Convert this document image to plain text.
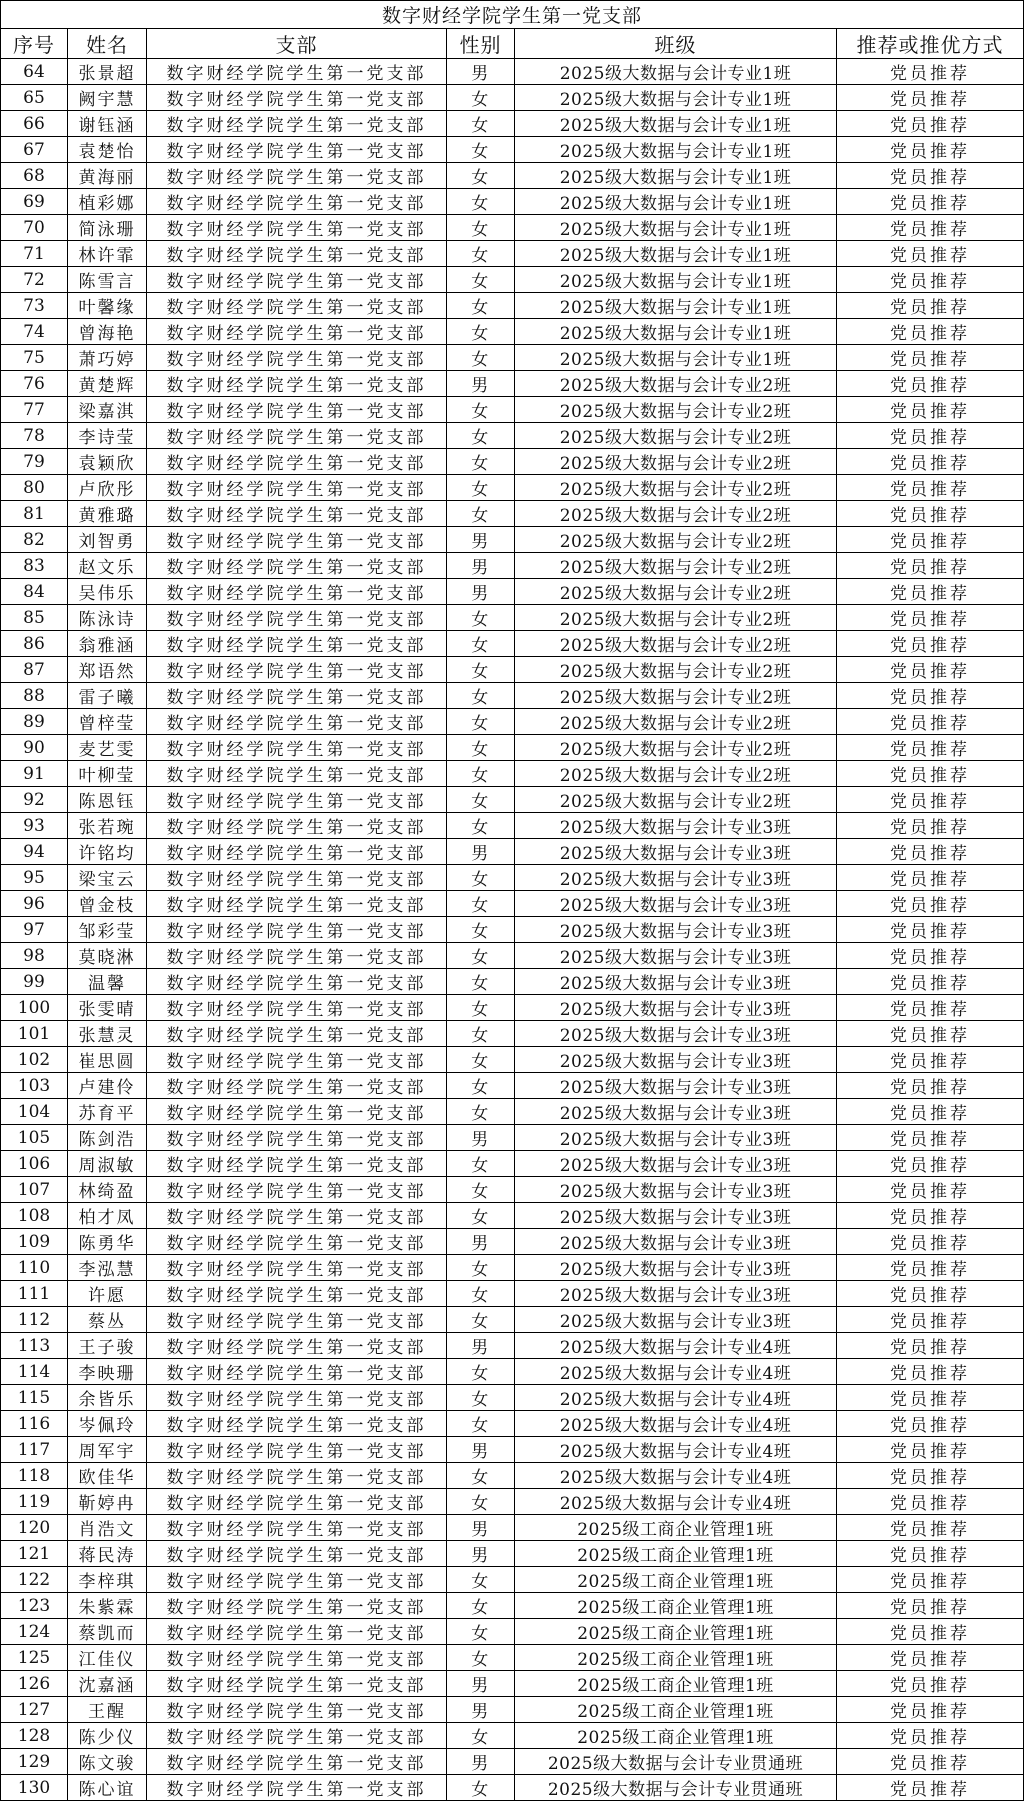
数字财经学院学生第一党支部					
序号	姓名	支部	性别	班级	推荐或推优方式
64	张景超	数字财经学院学生第一党支部	男	2025级大数据与会计专业1班	党员推荐
65	阙宇慧	数字财经学院学生第一党支部	女	2025级大数据与会计专业1班	党员推荐
66	谢钰涵	数字财经学院学生第一党支部	女	2025级大数据与会计专业1班	党员推荐
67	袁楚怡	数字财经学院学生第一党支部	女	2025级大数据与会计专业1班	党员推荐
68	黄海丽	数字财经学院学生第一党支部	女	2025级大数据与会计专业1班	党员推荐
69	植彩娜	数字财经学院学生第一党支部	女	2025级大数据与会计专业1班	党员推荐
70	简泳珊	数字财经学院学生第一党支部	女	2025级大数据与会计专业1班	党员推荐
71	林许霏	数字财经学院学生第一党支部	女	2025级大数据与会计专业1班	党员推荐
72	陈雪言	数字财经学院学生第一党支部	女	2025级大数据与会计专业1班	党员推荐
73	叶馨缘	数字财经学院学生第一党支部	女	2025级大数据与会计专业1班	党员推荐
74	曾海艳	数字财经学院学生第一党支部	女	2025级大数据与会计专业1班	党员推荐
75	萧巧婷	数字财经学院学生第一党支部	女	2025级大数据与会计专业1班	党员推荐
76	黄楚辉	数字财经学院学生第一党支部	男	2025级大数据与会计专业2班	党员推荐
77	梁嘉淇	数字财经学院学生第一党支部	女	2025级大数据与会计专业2班	党员推荐
78	李诗莹	数字财经学院学生第一党支部	女	2025级大数据与会计专业2班	党员推荐
79	袁颖欣	数字财经学院学生第一党支部	女	2025级大数据与会计专业2班	党员推荐
80	卢欣彤	数字财经学院学生第一党支部	女	2025级大数据与会计专业2班	党员推荐
81	黄雅璐	数字财经学院学生第一党支部	女	2025级大数据与会计专业2班	党员推荐
82	刘智勇	数字财经学院学生第一党支部	男	2025级大数据与会计专业2班	党员推荐
83	赵文乐	数字财经学院学生第一党支部	男	2025级大数据与会计专业2班	党员推荐
84	吴伟乐	数字财经学院学生第一党支部	男	2025级大数据与会计专业2班	党员推荐
85	陈泳诗	数字财经学院学生第一党支部	女	2025级大数据与会计专业2班	党员推荐
86	翁雅涵	数字财经学院学生第一党支部	女	2025级大数据与会计专业2班	党员推荐
87	郑语然	数字财经学院学生第一党支部	女	2025级大数据与会计专业2班	党员推荐
88	雷子曦	数字财经学院学生第一党支部	女	2025级大数据与会计专业2班	党员推荐
89	曾梓莹	数字财经学院学生第一党支部	女	2025级大数据与会计专业2班	党员推荐
90	麦艺雯	数字财经学院学生第一党支部	女	2025级大数据与会计专业2班	党员推荐
91	叶柳莹	数字财经学院学生第一党支部	女	2025级大数据与会计专业2班	党员推荐
92	陈恩钰	数字财经学院学生第一党支部	女	2025级大数据与会计专业2班	党员推荐
93	张若琬	数字财经学院学生第一党支部	女	2025级大数据与会计专业3班	党员推荐
94	许铭均	数字财经学院学生第一党支部	男	2025级大数据与会计专业3班	党员推荐
95	梁宝云	数字财经学院学生第一党支部	女	2025级大数据与会计专业3班	党员推荐
96	曾金枝	数字财经学院学生第一党支部	女	2025级大数据与会计专业3班	党员推荐
97	邹彩莹	数字财经学院学生第一党支部	女	2025级大数据与会计专业3班	党员推荐
98	莫晓淋	数字财经学院学生第一党支部	女	2025级大数据与会计专业3班	党员推荐
99	温馨	数字财经学院学生第一党支部	女	2025级大数据与会计专业3班	党员推荐
100	张雯晴	数字财经学院学生第一党支部	女	2025级大数据与会计专业3班	党员推荐
101	张慧灵	数字财经学院学生第一党支部	女	2025级大数据与会计专业3班	党员推荐
102	崔思圆	数字财经学院学生第一党支部	女	2025级大数据与会计专业3班	党员推荐
103	卢建伶	数字财经学院学生第一党支部	女	2025级大数据与会计专业3班	党员推荐
104	苏育平	数字财经学院学生第一党支部	女	2025级大数据与会计专业3班	党员推荐
105	陈剑浩	数字财经学院学生第一党支部	男	2025级大数据与会计专业3班	党员推荐
106	周淑敏	数字财经学院学生第一党支部	女	2025级大数据与会计专业3班	党员推荐
107	林绮盈	数字财经学院学生第一党支部	女	2025级大数据与会计专业3班	党员推荐
108	柏才凤	数字财经学院学生第一党支部	女	2025级大数据与会计专业3班	党员推荐
109	陈勇华	数字财经学院学生第一党支部	男	2025级大数据与会计专业3班	党员推荐
110	李泓慧	数字财经学院学生第一党支部	女	2025级大数据与会计专业3班	党员推荐
111	许愿	数字财经学院学生第一党支部	女	2025级大数据与会计专业3班	党员推荐
112	蔡丛	数字财经学院学生第一党支部	女	2025级大数据与会计专业3班	党员推荐
113	王子骏	数字财经学院学生第一党支部	男	2025级大数据与会计专业4班	党员推荐
114	李映珊	数字财经学院学生第一党支部	女	2025级大数据与会计专业4班	党员推荐
115	余皆乐	数字财经学院学生第一党支部	女	2025级大数据与会计专业4班	党员推荐
116	岑佩玲	数字财经学院学生第一党支部	女	2025级大数据与会计专业4班	党员推荐
117	周军宇	数字财经学院学生第一党支部	男	2025级大数据与会计专业4班	党员推荐
118	欧佳华	数字财经学院学生第一党支部	女	2025级大数据与会计专业4班	党员推荐
119	靳婷冉	数字财经学院学生第一党支部	女	2025级大数据与会计专业4班	党员推荐
120	肖浩文	数字财经学院学生第一党支部	男	2025级工商企业管理1班	党员推荐
121	蒋民涛	数字财经学院学生第一党支部	男	2025级工商企业管理1班	党员推荐
122	李梓琪	数字财经学院学生第一党支部	女	2025级工商企业管理1班	党员推荐
123	朱紫霖	数字财经学院学生第一党支部	女	2025级工商企业管理1班	党员推荐
124	蔡凯而	数字财经学院学生第一党支部	女	2025级工商企业管理1班	党员推荐
125	江佳仪	数字财经学院学生第一党支部	女	2025级工商企业管理1班	党员推荐
126	沈嘉涵	数字财经学院学生第一党支部	男	2025级工商企业管理1班	党员推荐
127	王醒	数字财经学院学生第一党支部	男	2025级工商企业管理1班	党员推荐
128	陈少仪	数字财经学院学生第一党支部	女	2025级工商企业管理1班	党员推荐
129	陈文骏	数字财经学院学生第一党支部	男	2025级大数据与会计专业贯通班	党员推荐
130	陈心谊	数字财经学院学生第一党支部	女	2025级大数据与会计专业贯通班	党员推荐
